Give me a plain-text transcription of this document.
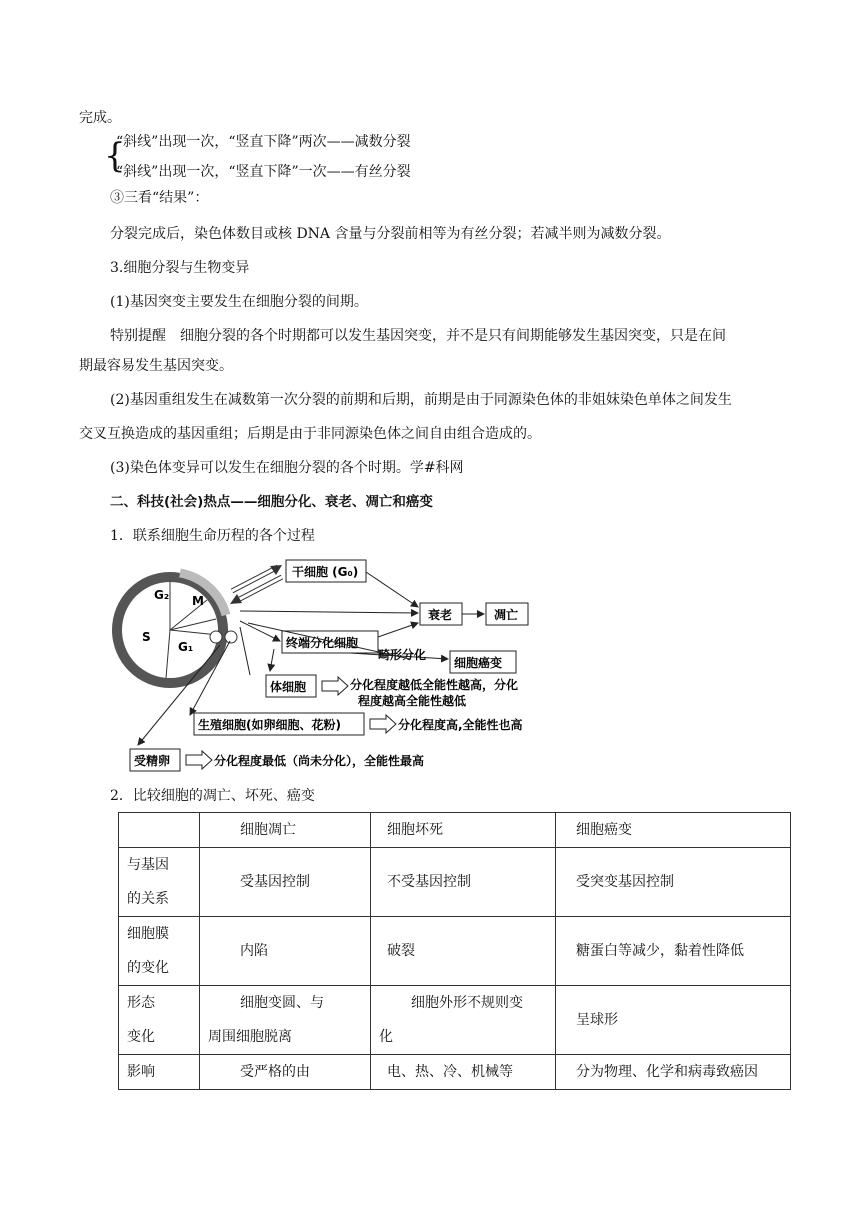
完成。
{
“斜线”出现一次，“竖直下降”两次——减数分裂
“斜线”出现一次，“竖直下降”一次——有丝分裂
③三看“结果”：
分裂完成后，染色体数目或核 DNA 含量与分裂前相等为有丝分裂；若减半则为减数分裂。
3.细胞分裂与生物变异
(1)基因突变主要发生在细胞分裂的间期。
特别提醒　细胞分裂的各个时期都可以发生基因突变，并不是只有间期能够发生基因突变，只是在间
期最容易发生基因突变。
(2)基因重组发生在减数第一次分裂的前期和后期，前期是由于同源染色体的非姐妹染色单体之间发生
交叉互换造成的基因重组；后期是由于非同源染色体之间自由组合造成的。
(3)染色体变异可以发生在细胞分裂的各个时期。学#科网
二、科技(社会)热点——细胞分化、衰老、凋亡和癌变
1．联系细胞生命历程的各个过程
G₂ M
S
G₁
干细胞 (G₀)
衰老	凋亡
终端分化细胞
畸形分化
细胞癌变
体细胞	分化程度越低全能性越高，分化
程度越高全能性越低
生殖细胞(如卵细胞、花粉)	分化程度高,全能性也高
受精卵	分化程度最低（尚未分化），全能性最高
2．比较细胞的凋亡、坏死、癌变
	细胞凋亡	细胞坏死	细胞癌变

与基因
的关系	受基因控制	不受基因控制	受突变基因控制

细胞膜
的变化	内陷	破裂	糖蛋白等减少，黏着性降低

形态
变化	细胞变圆、与
周围细胞脱离	细胞外形不规则变
化	呈球形
影响	受严格的由	电、热、冷、机械等	分为物理、化学和病毒致癌因
